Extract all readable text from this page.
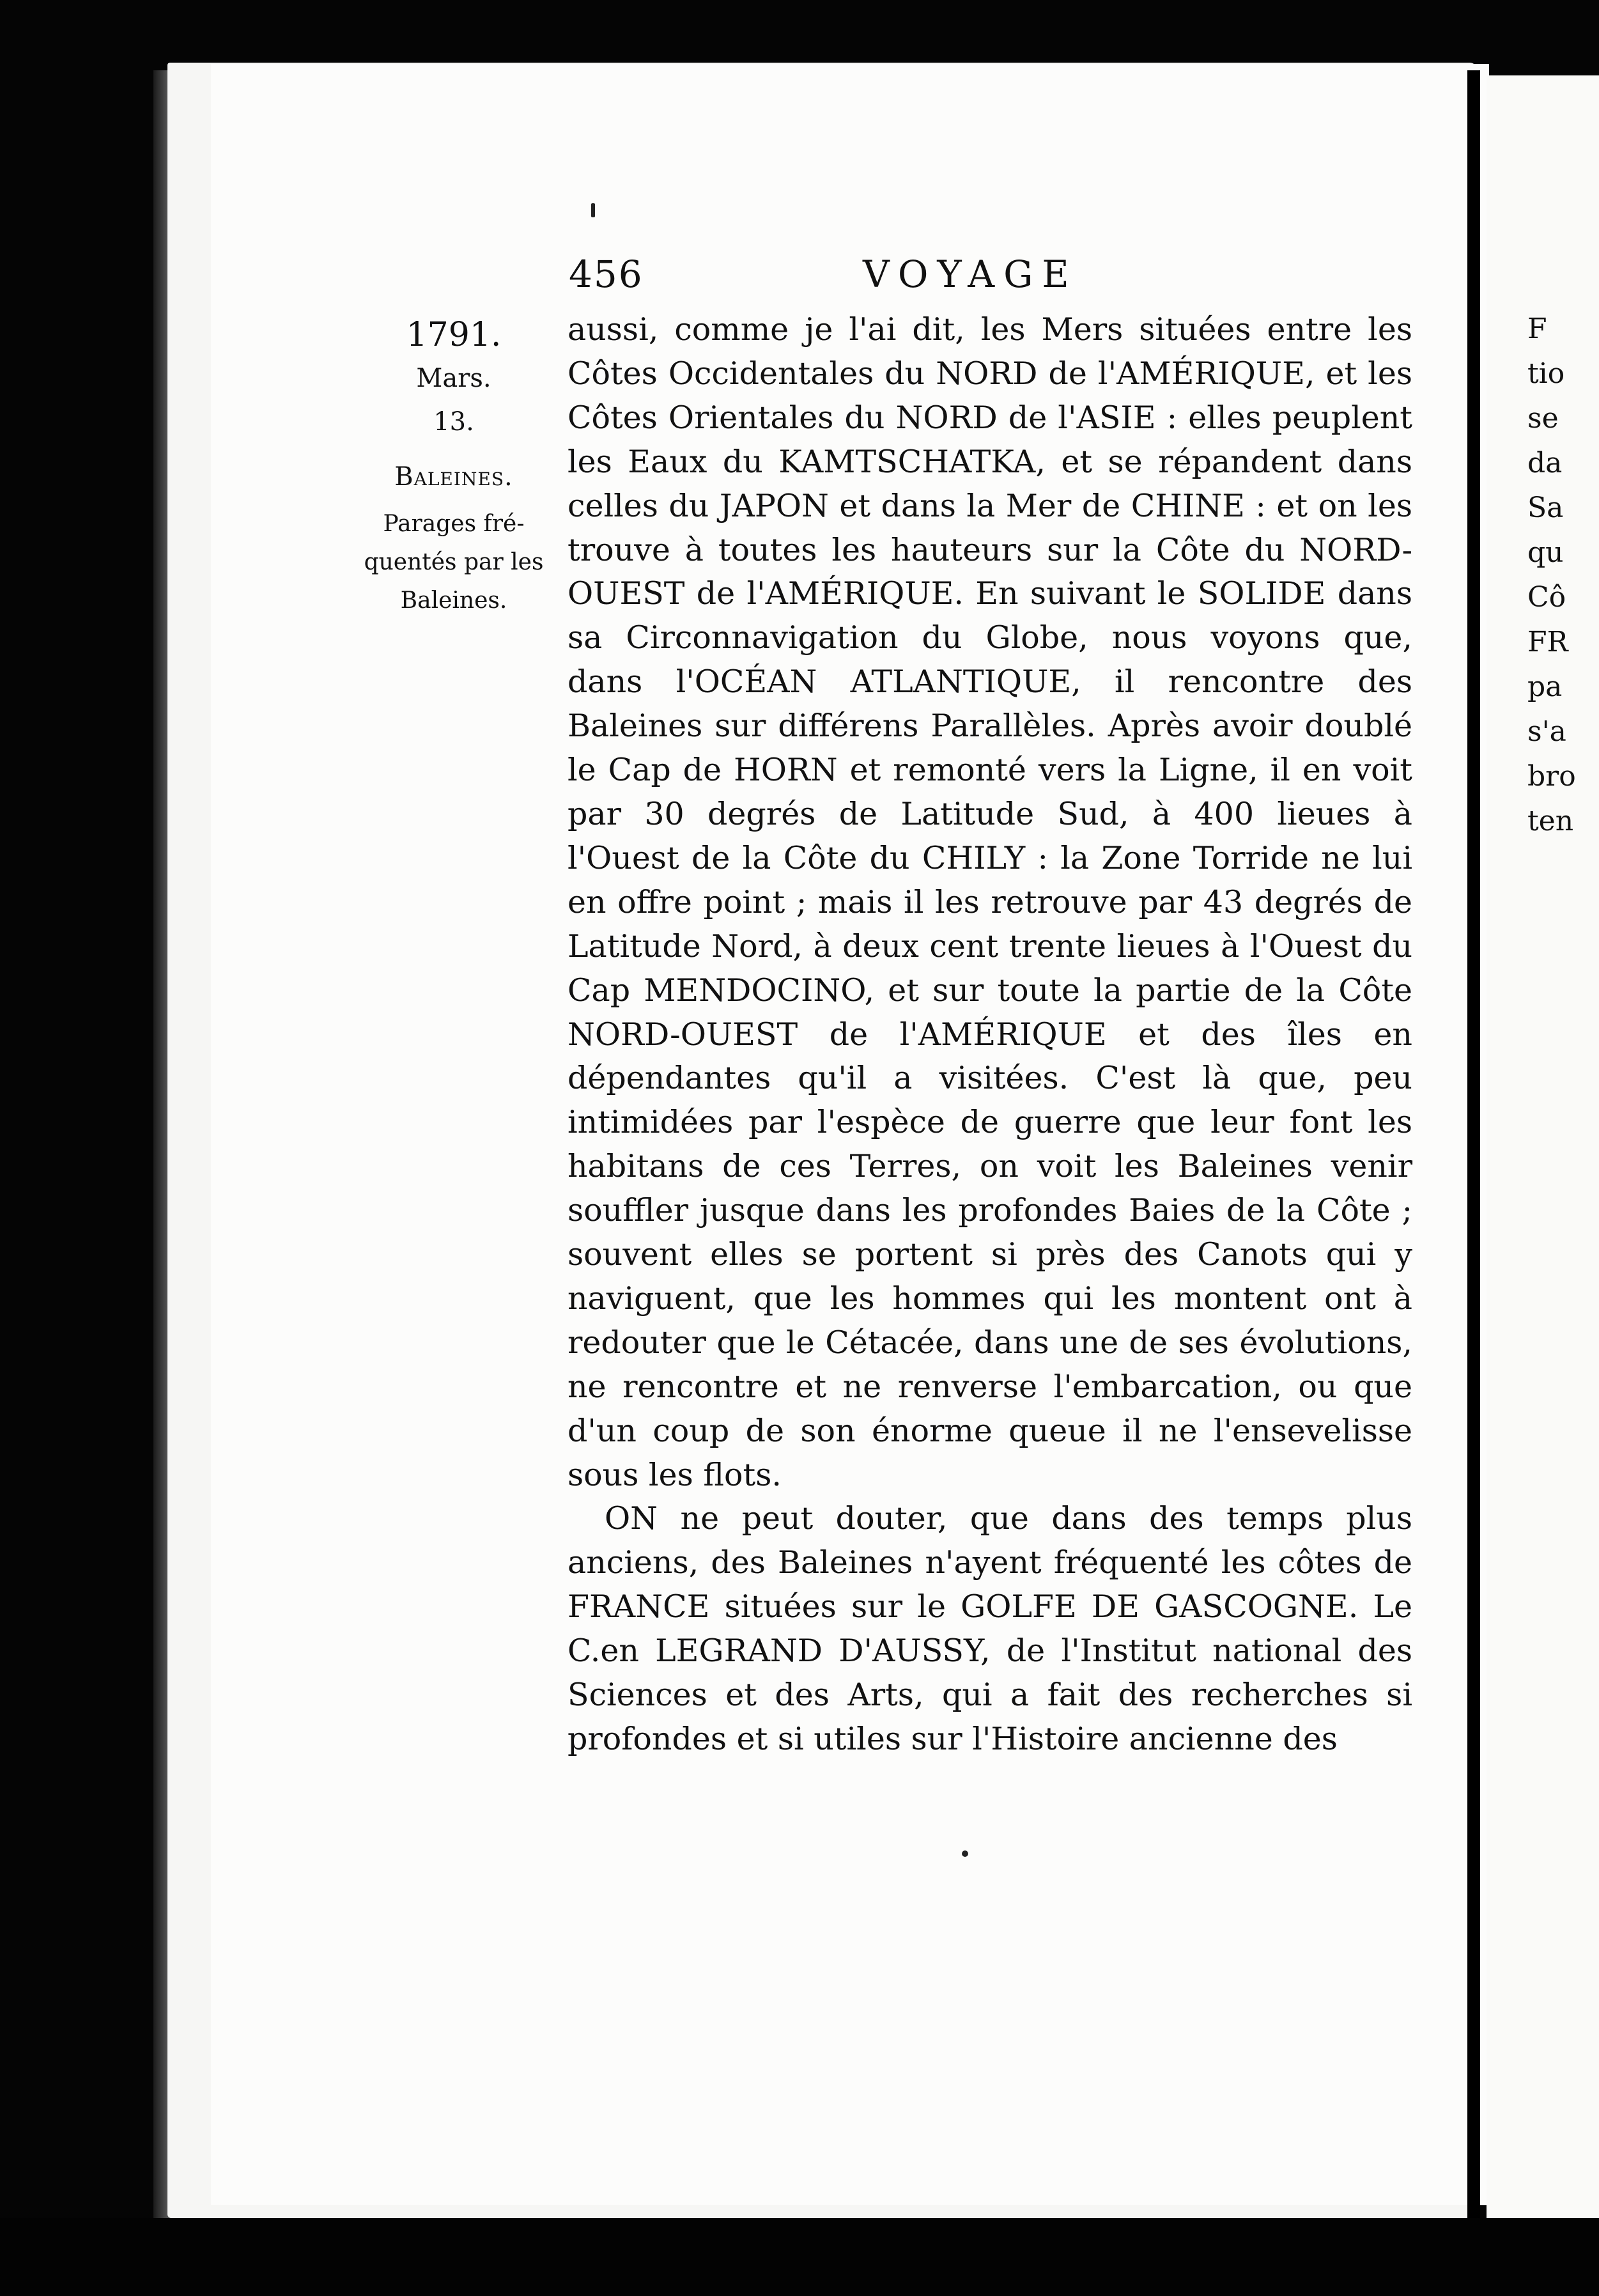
456	VOYAGE
1791.
Mars.
13.
Baleines.
Parages fré- quentés par les Baleines.

aussi, comme je l'ai dit, les Mers situées entre les Côtes Occidentales du NORD de l'AMÉRIQUE, et les Côtes Orientales du NORD de l'ASIE : elles peuplent les Eaux du KAMTSCHATKA, et se répandent dans celles du JAPON et dans la Mer de CHINE : et on les trouve à toutes les hauteurs sur la Côte du NORD-OUEST de l'AMÉRIQUE. En suivant le SOLIDE dans sa Circonnavigation du Globe, nous voyons que, dans l'OCÉAN ATLANTIQUE, il rencontre des Baleines sur différens Parallèles. Après avoir doublé le Cap de HORN et remonté vers la Ligne, il en voit par 30 degrés de Latitude Sud, à 400 lieues à l'Ouest de la Côte du CHILY : la Zone Torride ne lui en offre point ; mais il les retrouve par 43 degrés de Latitude Nord, à deux cent trente lieues à l'Ouest du Cap MENDOCINO, et sur toute la partie de la Côte NORD-OUEST de l'AMÉRIQUE et des îles en dépendantes qu'il a visitées. C'est là que, peu intimidées par l'espèce de guerre que leur font les habitans de ces Terres, on voit les Baleines venir souffler jusque dans les profondes Baies de la Côte ; souvent elles se portent si près des Canots qui y naviguent, que les hommes qui les montent ont à redouter que le Cétacée, dans une de ses évolutions, ne rencontre et ne renverse l'embarcation, ou que d'un coup de son énorme queue il ne l'ensevelisse sous les flots.

ON ne peut douter, que dans des temps plus anciens, des Baleines n'ayent fréquenté les côtes de FRANCE situées sur le GOLFE DE GASCOGNE. Le C.en LEGRAND D'AUSSY, de l'Institut national des Sciences et des Arts, qui a fait des recherches si profondes et si utiles sur l'Histoire ancienne des

F
tio
se
da
Sa
qu
Cô
FR
pa
s'a
bro
ten
